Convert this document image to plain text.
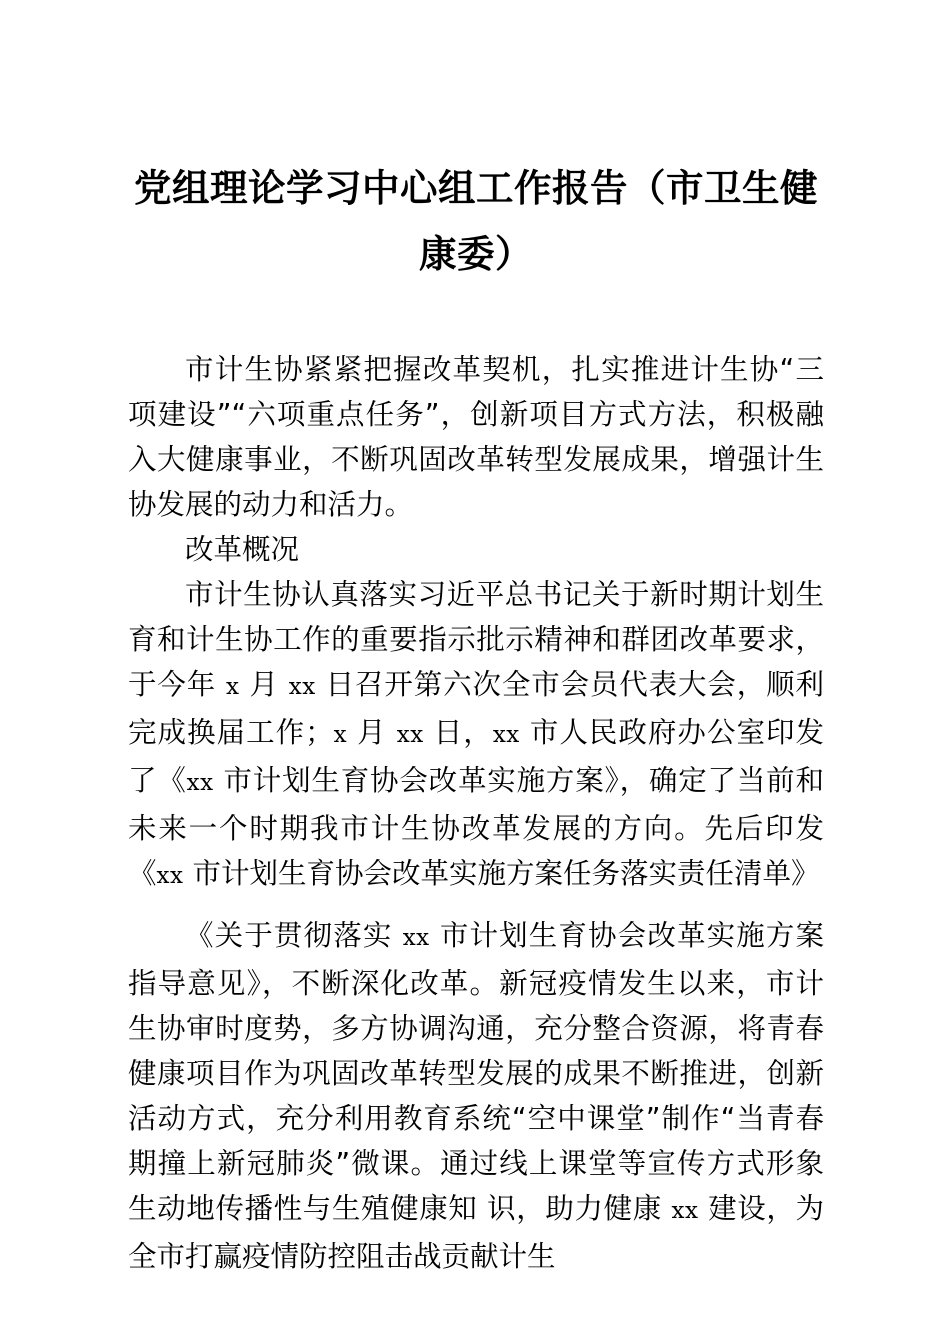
党组理论学习中心组工作报告（市卫生健康委）

市计生协紧紧把握改革契机，扎实推进计生协“三项建设”“六项重点任务”，创新项目方式方法，积极融入大健康事业，不断巩固改革转型发展成果，增强计生协发展的动力和活力。

改革概况

市计生协认真落实习近平总书记关于新时期计划生育和计生协工作的重要指示批示精神和群团改革要求，于今年 x 月 xx 日召开第六次全市会员代表大会，顺利完成换届工作；x 月 xx 日，xx 市人民政府办公室印发了《xx 市计划生育协会改革实施方案》，确定了当前和未来一个时期我市计生协改革发展的方向。先后印发《xx 市计划生育协会改革实施方案任务落实责任清单》

《关于贯彻落实 xx 市计划生育协会改革实施方案指导意见》，不断深化改革。新冠疫情发生以来，市计生协审时度势，多方协调沟通，充分整合资源，将青春健康项目作为巩固改革转型发展的成果不断推进，创新活动方式，充分利用教育系统“空中课堂”制作“当青春期撞上新冠肺炎”微课。通过线上课堂等宣传方式形象生动地传播性与生殖健康知 识，助力健康 xx 建设，为全市打赢疫情防控阻击战贡献计生
